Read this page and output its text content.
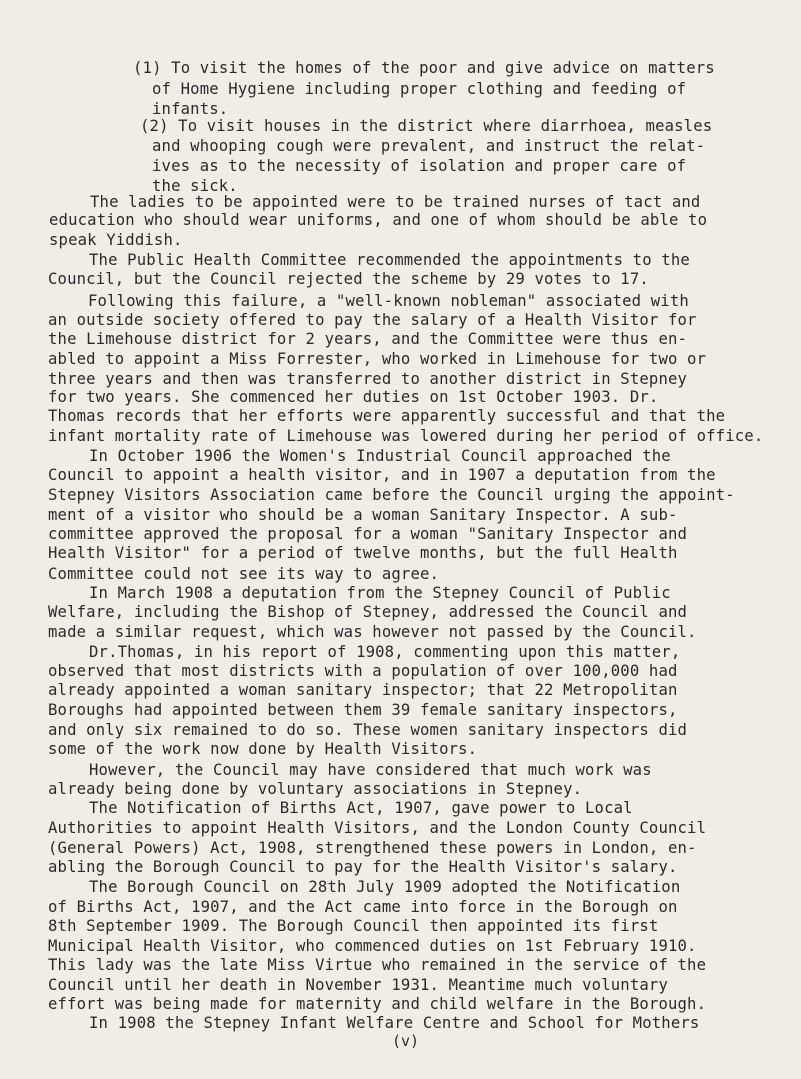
(1) To visit the homes of the poor and give advice on matters
of Home Hygiene including proper clothing and feeding of
infants.
(2) To visit houses in the district where diarrhoea, measles
and whooping cough were prevalent, and instruct the relat-
ives as to the necessity of isolation and proper care of
the sick.
The ladies to be appointed were to be trained nurses of tact and
education who should wear uniforms, and one of whom should be able to
speak Yiddish.
The Public Health Committee recommended the appointments to the
Council, but the Council rejected the scheme by 29 votes to 17.
Following this failure, a "well-known nobleman" associated with
an outside society offered to pay the salary of a Health Visitor for
the Limehouse district for 2 years, and the Committee were thus en-
abled to appoint a Miss Forrester, who worked in Limehouse for two or
three years and then was transferred to another district in Stepney
for two years. She commenced her duties on 1st October 1903. Dr.
Thomas records that her efforts were apparently successful and that the
infant mortality rate of Limehouse was lowered during her period of office.
In October 1906 the Women's Industrial Council approached the
Council to appoint a health visitor, and in 1907 a deputation from the
Stepney Visitors Association came before the Council urging the appoint-
ment of a visitor who should be a woman Sanitary Inspector. A sub-
committee approved the proposal for a woman "Sanitary Inspector and
Health Visitor" for a period of twelve months, but the full Health
Committee could not see its way to agree.
In March 1908 a deputation from the Stepney Council of Public
Welfare, including the Bishop of Stepney, addressed the Council and
made a similar request, which was however not passed by the Council.
Dr.Thomas, in his report of 1908, commenting upon this matter,
observed that most districts with a population of over 100,000 had
already appointed a woman sanitary inspector; that 22 Metropolitan
Boroughs had appointed between them 39 female sanitary inspectors,
and only six remained to do so. These women sanitary inspectors did
some of the work now done by Health Visitors.
However, the Council may have considered that much work was
already being done by voluntary associations in Stepney.
The Notification of Births Act, 1907, gave power to Local
Authorities to appoint Health Visitors, and the London County Council
(General Powers) Act, 1908, strengthened these powers in London, en-
abling the Borough Council to pay for the Health Visitor's salary.
The Borough Council on 28th July 1909 adopted the Notification
of Births Act, 1907, and the Act came into force in the Borough on
8th September 1909. The Borough Council then appointed its first
Municipal Health Visitor, who commenced duties on 1st February 1910.
This lady was the late Miss Virtue who remained in the service of the
Council until her death in November 1931. Meantime much voluntary
effort was being made for maternity and child welfare in the Borough.
In 1908 the Stepney Infant Welfare Centre and School for Mothers
(v)
